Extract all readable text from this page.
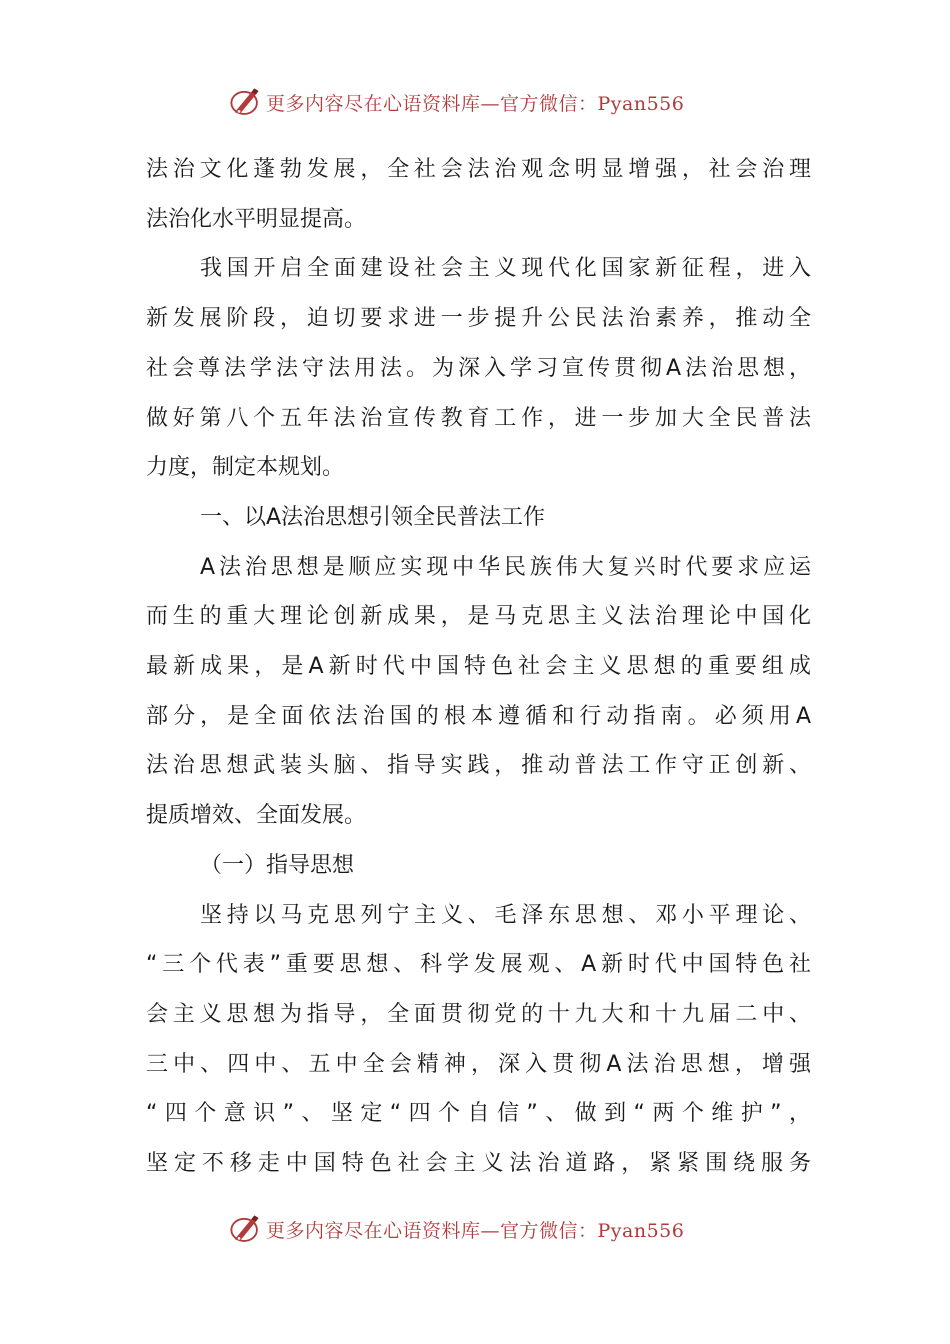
更多内容尽在心语资料库—官方微信：Pyan556
法治文化蓬勃发展，全社会法治观念明显增强，社会治理
法治化水平明显提高。
我国开启全面建设社会主义现代化国家新征程，进入
新发展阶段，迫切要求进一步提升公民法治素养，推动全
社会尊法学法守法用法。为深入学习宣传贯彻A法治思想，
做好第八个五年法治宣传教育工作，进一步加大全民普法
力度，制定本规划。
一、以A法治思想引领全民普法工作
A法治思想是顺应实现中华民族伟大复兴时代要求应运
而生的重大理论创新成果，是马克思主义法治理论中国化
最新成果，是A新时代中国特色社会主义思想的重要组成
部分，是全面依法治国的根本遵循和行动指南。必须用A
法治思想武装头脑、指导实践，推动普法工作守正创新、
提质增效、全面发展。
（一）指导思想
坚持以马克思列宁主义、毛泽东思想、邓小平理论、
“三个代表”重要思想、科学发展观、A新时代中国特色社
会主义思想为指导，全面贯彻党的十九大和十九届二中、
三中、四中、五中全会精神，深入贯彻A法治思想，增强
“四个意识”、坚定“四个自信”、做到“两个维护”，
坚定不移走中国特色社会主义法治道路，紧紧围绕服务
更多内容尽在心语资料库—官方微信：Pyan556
